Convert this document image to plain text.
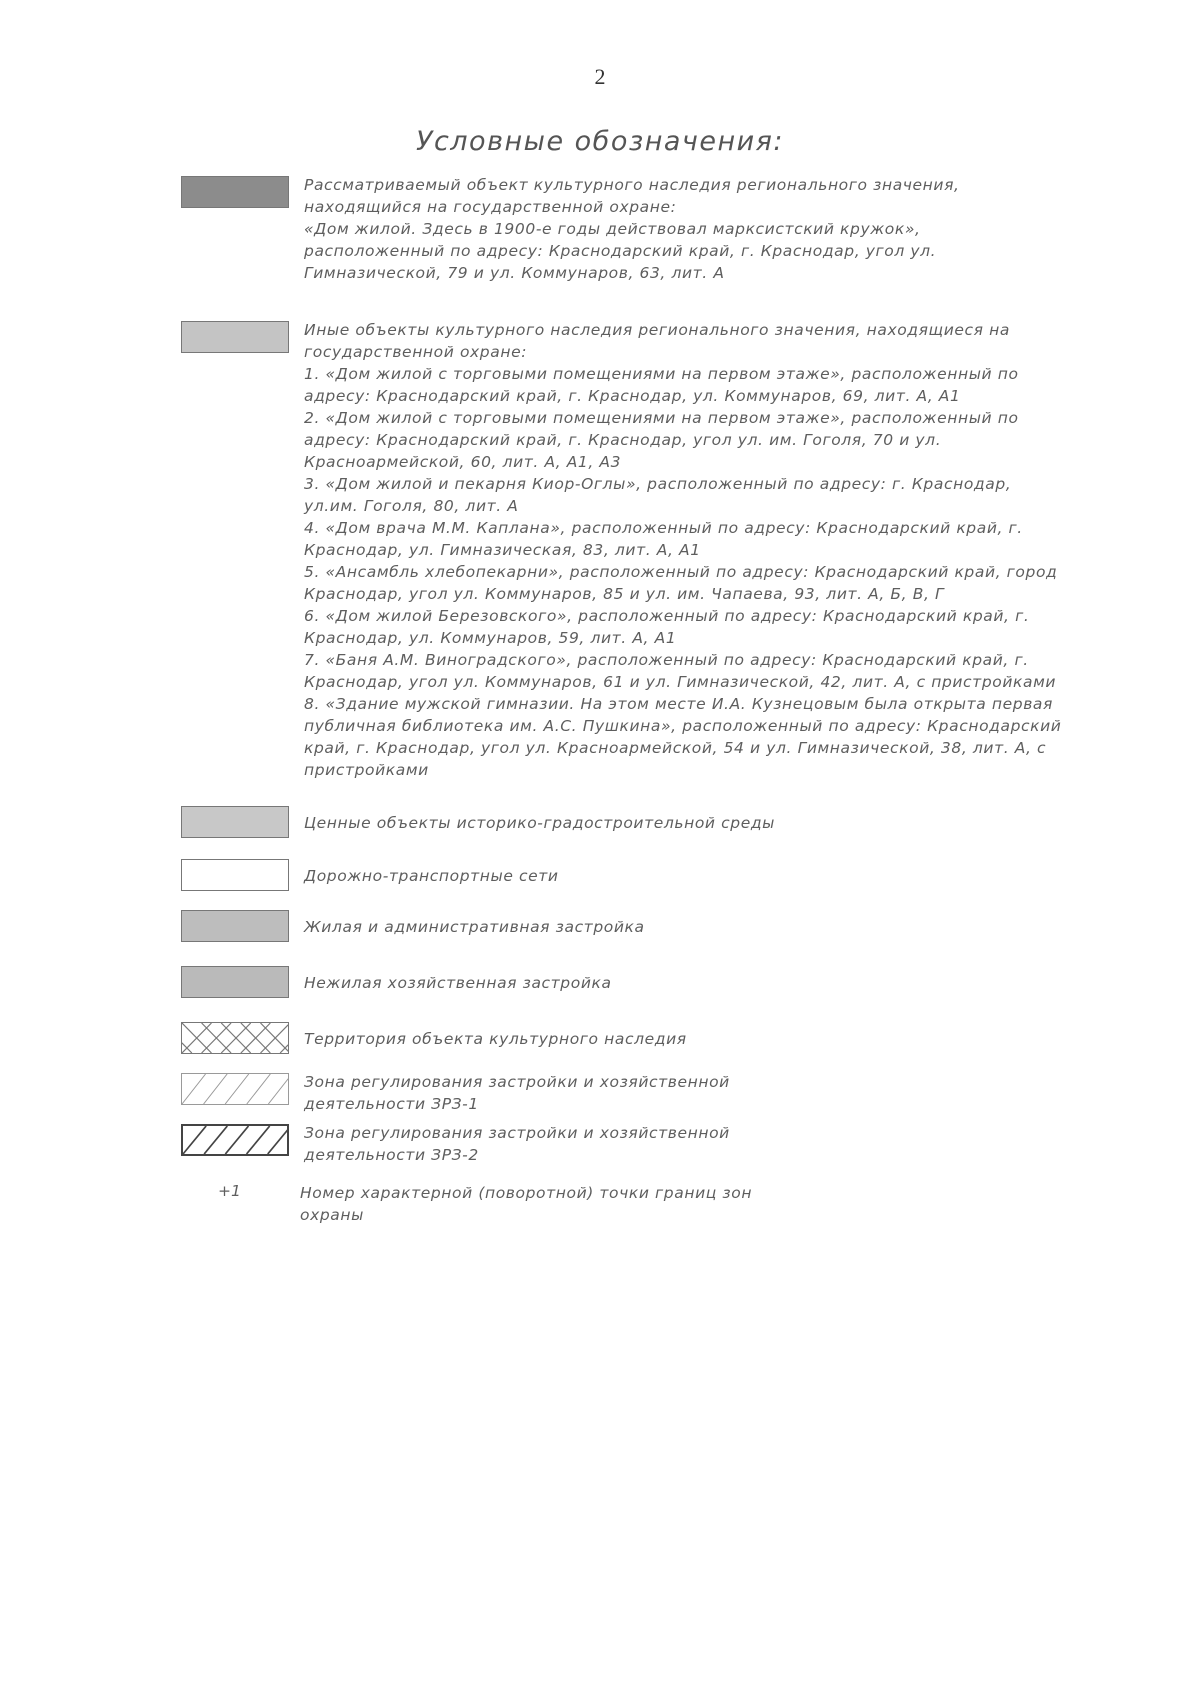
2
Условные обозначения:

Рассматриваемый объект культурного наследия регионального значения, находящийся на государственной охране:

«Дом жилой. Здесь в 1900-е годы действовал марксистский кружок», расположенный по адресу: Краснодарский край, г. Краснодар, угол ул. Гимназической, 79 и ул. Коммунаров, 63, лит. А

Иные объекты культурного наследия регионального значения, находящиеся на государственной охране:

1. «Дом жилой с торговыми помещениями на первом этаже», расположенный по адресу: Краснодарский край, г. Краснодар, ул. Коммунаров, 69, лит. А, А1

2. «Дом жилой с торговыми помещениями на первом этаже», расположенный по адресу: Краснодарский край, г. Краснодар, угол ул. им. Гоголя, 70 и ул. Красноармейской, 60, лит. А, А1, А3

3. «Дом жилой и пекарня Киор-Оглы», расположенный по адресу: г. Краснодар, ул.им. Гоголя, 80, лит. А

4. «Дом врача М.М. Каплана», расположенный по адресу: Краснодарский край, г. Краснодар, ул. Гимназическая, 83, лит. А, А1

5. «Ансамбль хлебопекарни», расположенный по адресу: Краснодарский край, город Краснодар, угол ул. Коммунаров, 85 и ул. им. Чапаева, 93, лит. А, Б, В, Г

6. «Дом жилой Березовского», расположенный по адресу: Краснодарский край, г. Краснодар, ул. Коммунаров, 59, лит. А, А1

7. «Баня А.М. Виноградского», расположенный по адресу: Краснодарский край, г. Краснодар, угол ул. Коммунаров, 61 и ул. Гимназической, 42, лит. А, с пристройками

8. «Здание мужской гимназии. На этом месте И.А. Кузнецовым была открыта первая публичная библиотека им. А.С. Пушкина», расположенный по адресу: Краснодарский край, г. Краснодар, угол ул. Красноармейской, 54 и ул. Гимназической, 38, лит. А, с пристройками

Ценные объекты историко-градостроительной среды

Дорожно-транспортные сети

Жилая и административная застройка

Нежилая хозяйственная застройка

Территория объекта культурного наследия

Зона регулирования застройки и хозяйственной деятельности ЗРЗ-1

Зона регулирования застройки и хозяйственной деятельности ЗРЗ-2

+1	Номер характерной (поворотной) точки границ зон охраны
